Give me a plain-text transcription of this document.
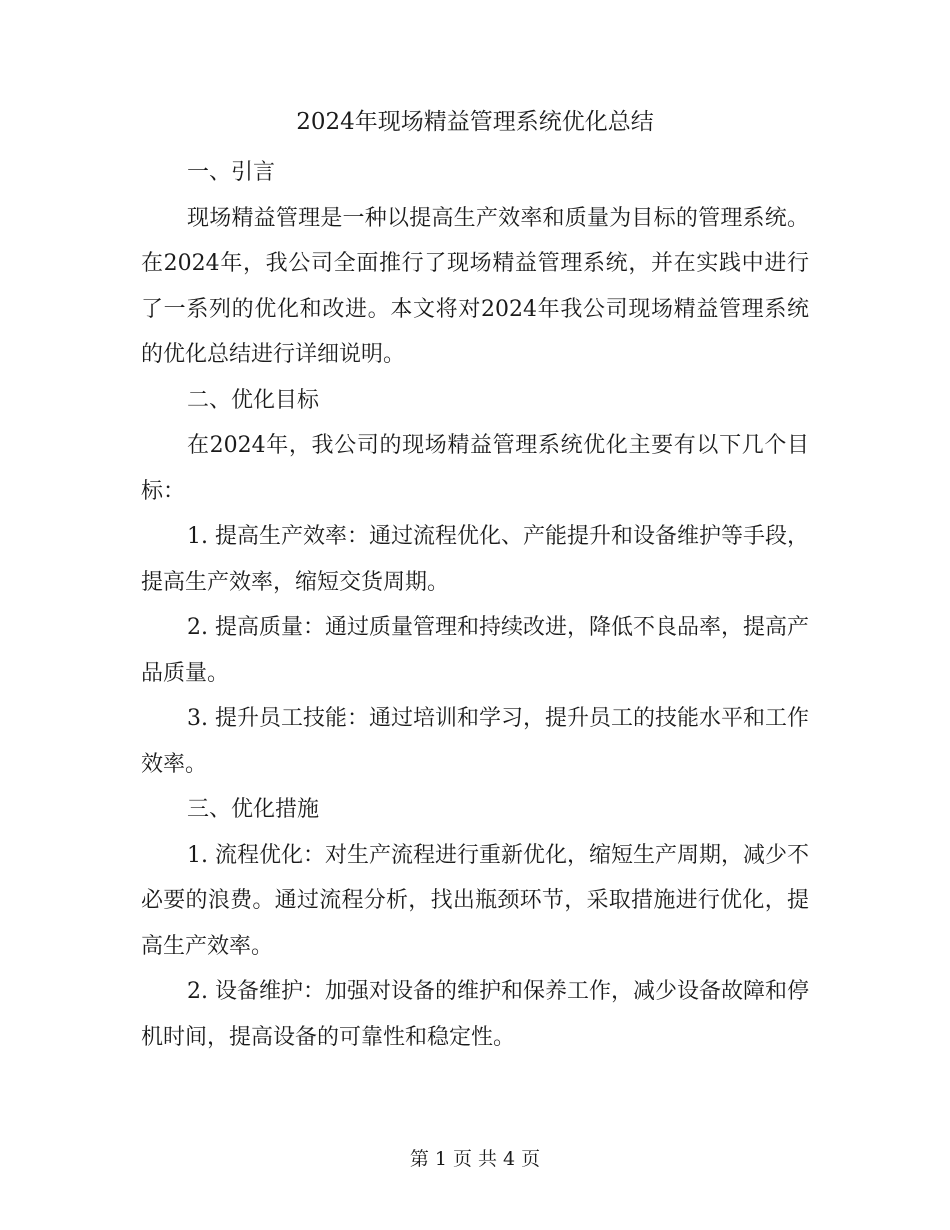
2024年现场精益管理系统优化总结

一、引言

现场精益管理是一种以提高生产效率和质量为目标的管理系统。在2024年，我公司全面推行了现场精益管理系统，并在实践中进行了一系列的优化和改进。本文将对2024年我公司现场精益管理系统的优化总结进行详细说明。

二、优化目标

在2024年，我公司的现场精益管理系统优化主要有以下几个目标：

1. 提高生产效率：通过流程优化、产能提升和设备维护等手段，提高生产效率，缩短交货周期。

2. 提高质量：通过质量管理和持续改进，降低不良品率，提高产品质量。

3. 提升员工技能：通过培训和学习，提升员工的技能水平和工作效率。

三、优化措施

1. 流程优化：对生产流程进行重新优化，缩短生产周期，减少不必要的浪费。通过流程分析，找出瓶颈环节，采取措施进行优化，提高生产效率。

2. 设备维护：加强对设备的维护和保养工作，减少设备故障和停机时间，提高设备的可靠性和稳定性。

第 1 页 共 4 页
